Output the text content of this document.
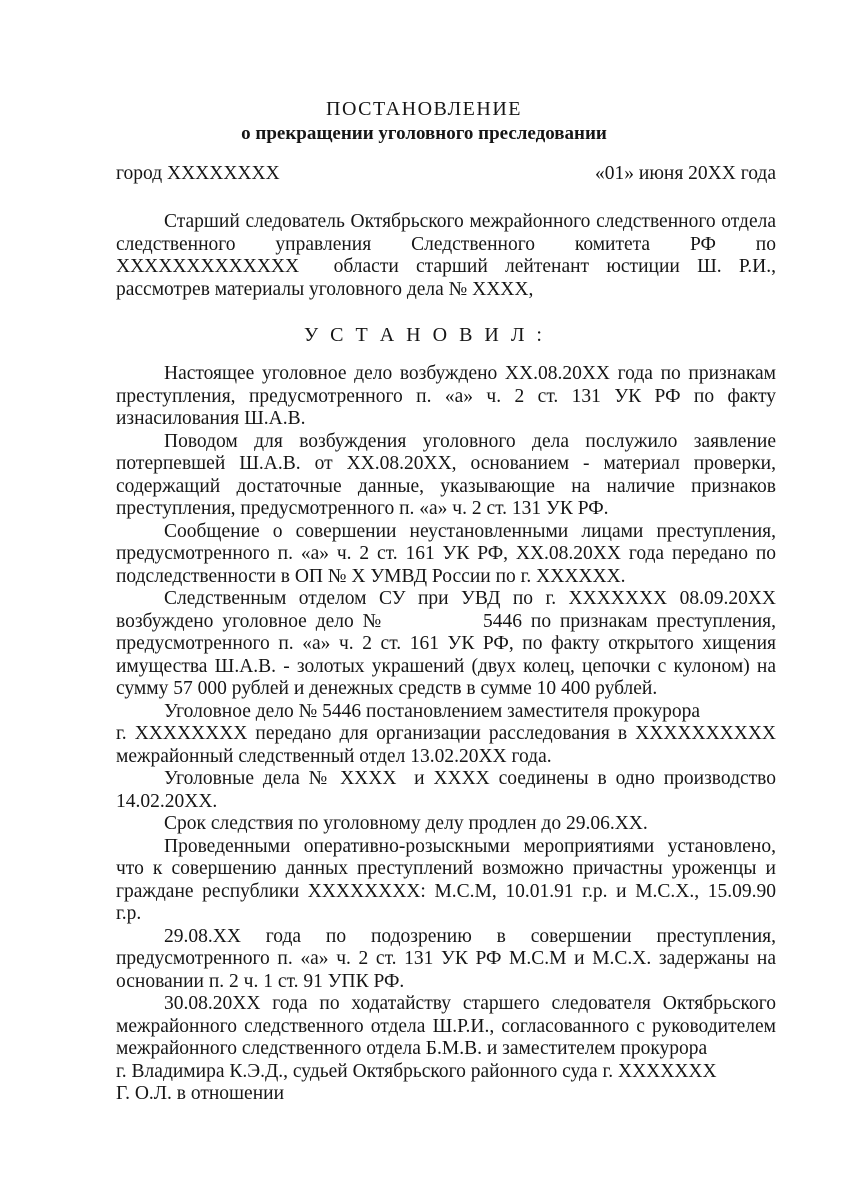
ПОСТАНОВЛЕНИЕ
о прекращении уголовного преследовании
город ХХХХХХХХ	«01» июня 20ХХ года
Старший следователь Октябрьского межрайонного следственного отдела следственного управления Следственного комитета РФ по ХХХХХХХХХХХХХ  области старший лейтенант юстиции Ш. Р.И., рассмотрев материалы уголовного дела № ХХХХ,
У С Т А Н О В И Л :
Настоящее уголовное дело возбуждено ХХ.08.20ХХ года по признакам преступления, предусмотренного п. «а» ч. 2 ст. 131 УК РФ по факту изнасилования Ш.А.В.
Поводом для возбуждения уголовного дела послужило заявление потерпевшей Ш.А.В. от ХХ.08.20ХХ, основанием - материал проверки, содержащий достаточные данные, указывающие на наличие признаков преступления, предусмотренного п. «а» ч. 2 ст. 131 УК РФ.
Сообщение о совершении неустановленными лицами преступления, предусмотренного п. «а» ч. 2 ст. 161 УК РФ, ХХ.08.20ХХ года передано по подследственности в ОП № Х УМВД России по г. ХХХХХХ.
Следственным отделом СУ при УВД по г. ХХХХХХХ 08.09.20ХХ возбуждено уголовное дело №           5446 по признакам преступления, предусмотренного п. «а» ч. 2 ст. 161 УК РФ, по факту открытого хищения имущества Ш.А.В. - золотых украшений (двух колец, цепочки с кулоном) на сумму 57 000 рублей и денежных средств в сумме 10 400 рублей.
Уголовное дело № 5446 постановлением заместителя прокурора
г. ХХХХХХХХ передано для организации расследования в ХХХХХХХХХХ межрайонный следственный отдел 13.02.20ХХ года.
Уголовные дела № ХХХХ  и ХХХХ соединены в одно производство 14.02.20ХХ.
Срок следствия по уголовному делу продлен до 29.06.ХХ.
Проведенными оперативно-розыскными мероприятиями установлено, что к совершению данных преступлений возможно причастны уроженцы и граждане республики ХХХХХХХХ: М.С.М, 10.01.91 г.р. и М.С.Х., 15.09.90 г.р.
29.08.ХХ года по подозрению в совершении преступления, предусмотренного п. «а» ч. 2 ст. 131 УК РФ М.С.М и М.С.Х. задержаны на основании п. 2 ч. 1 ст. 91 УПК РФ.
30.08.20ХХ года по ходатайству старшего следователя Октябрьского межрайонного следственного отдела Ш.Р.И., согласованного с руководителем межрайонного следственного отдела Б.М.В. и заместителем прокурора
г. Владимира К.Э.Д., судьей Октябрьского районного суда г. ХХХХХХХ
Г. О.Л. в отношении
